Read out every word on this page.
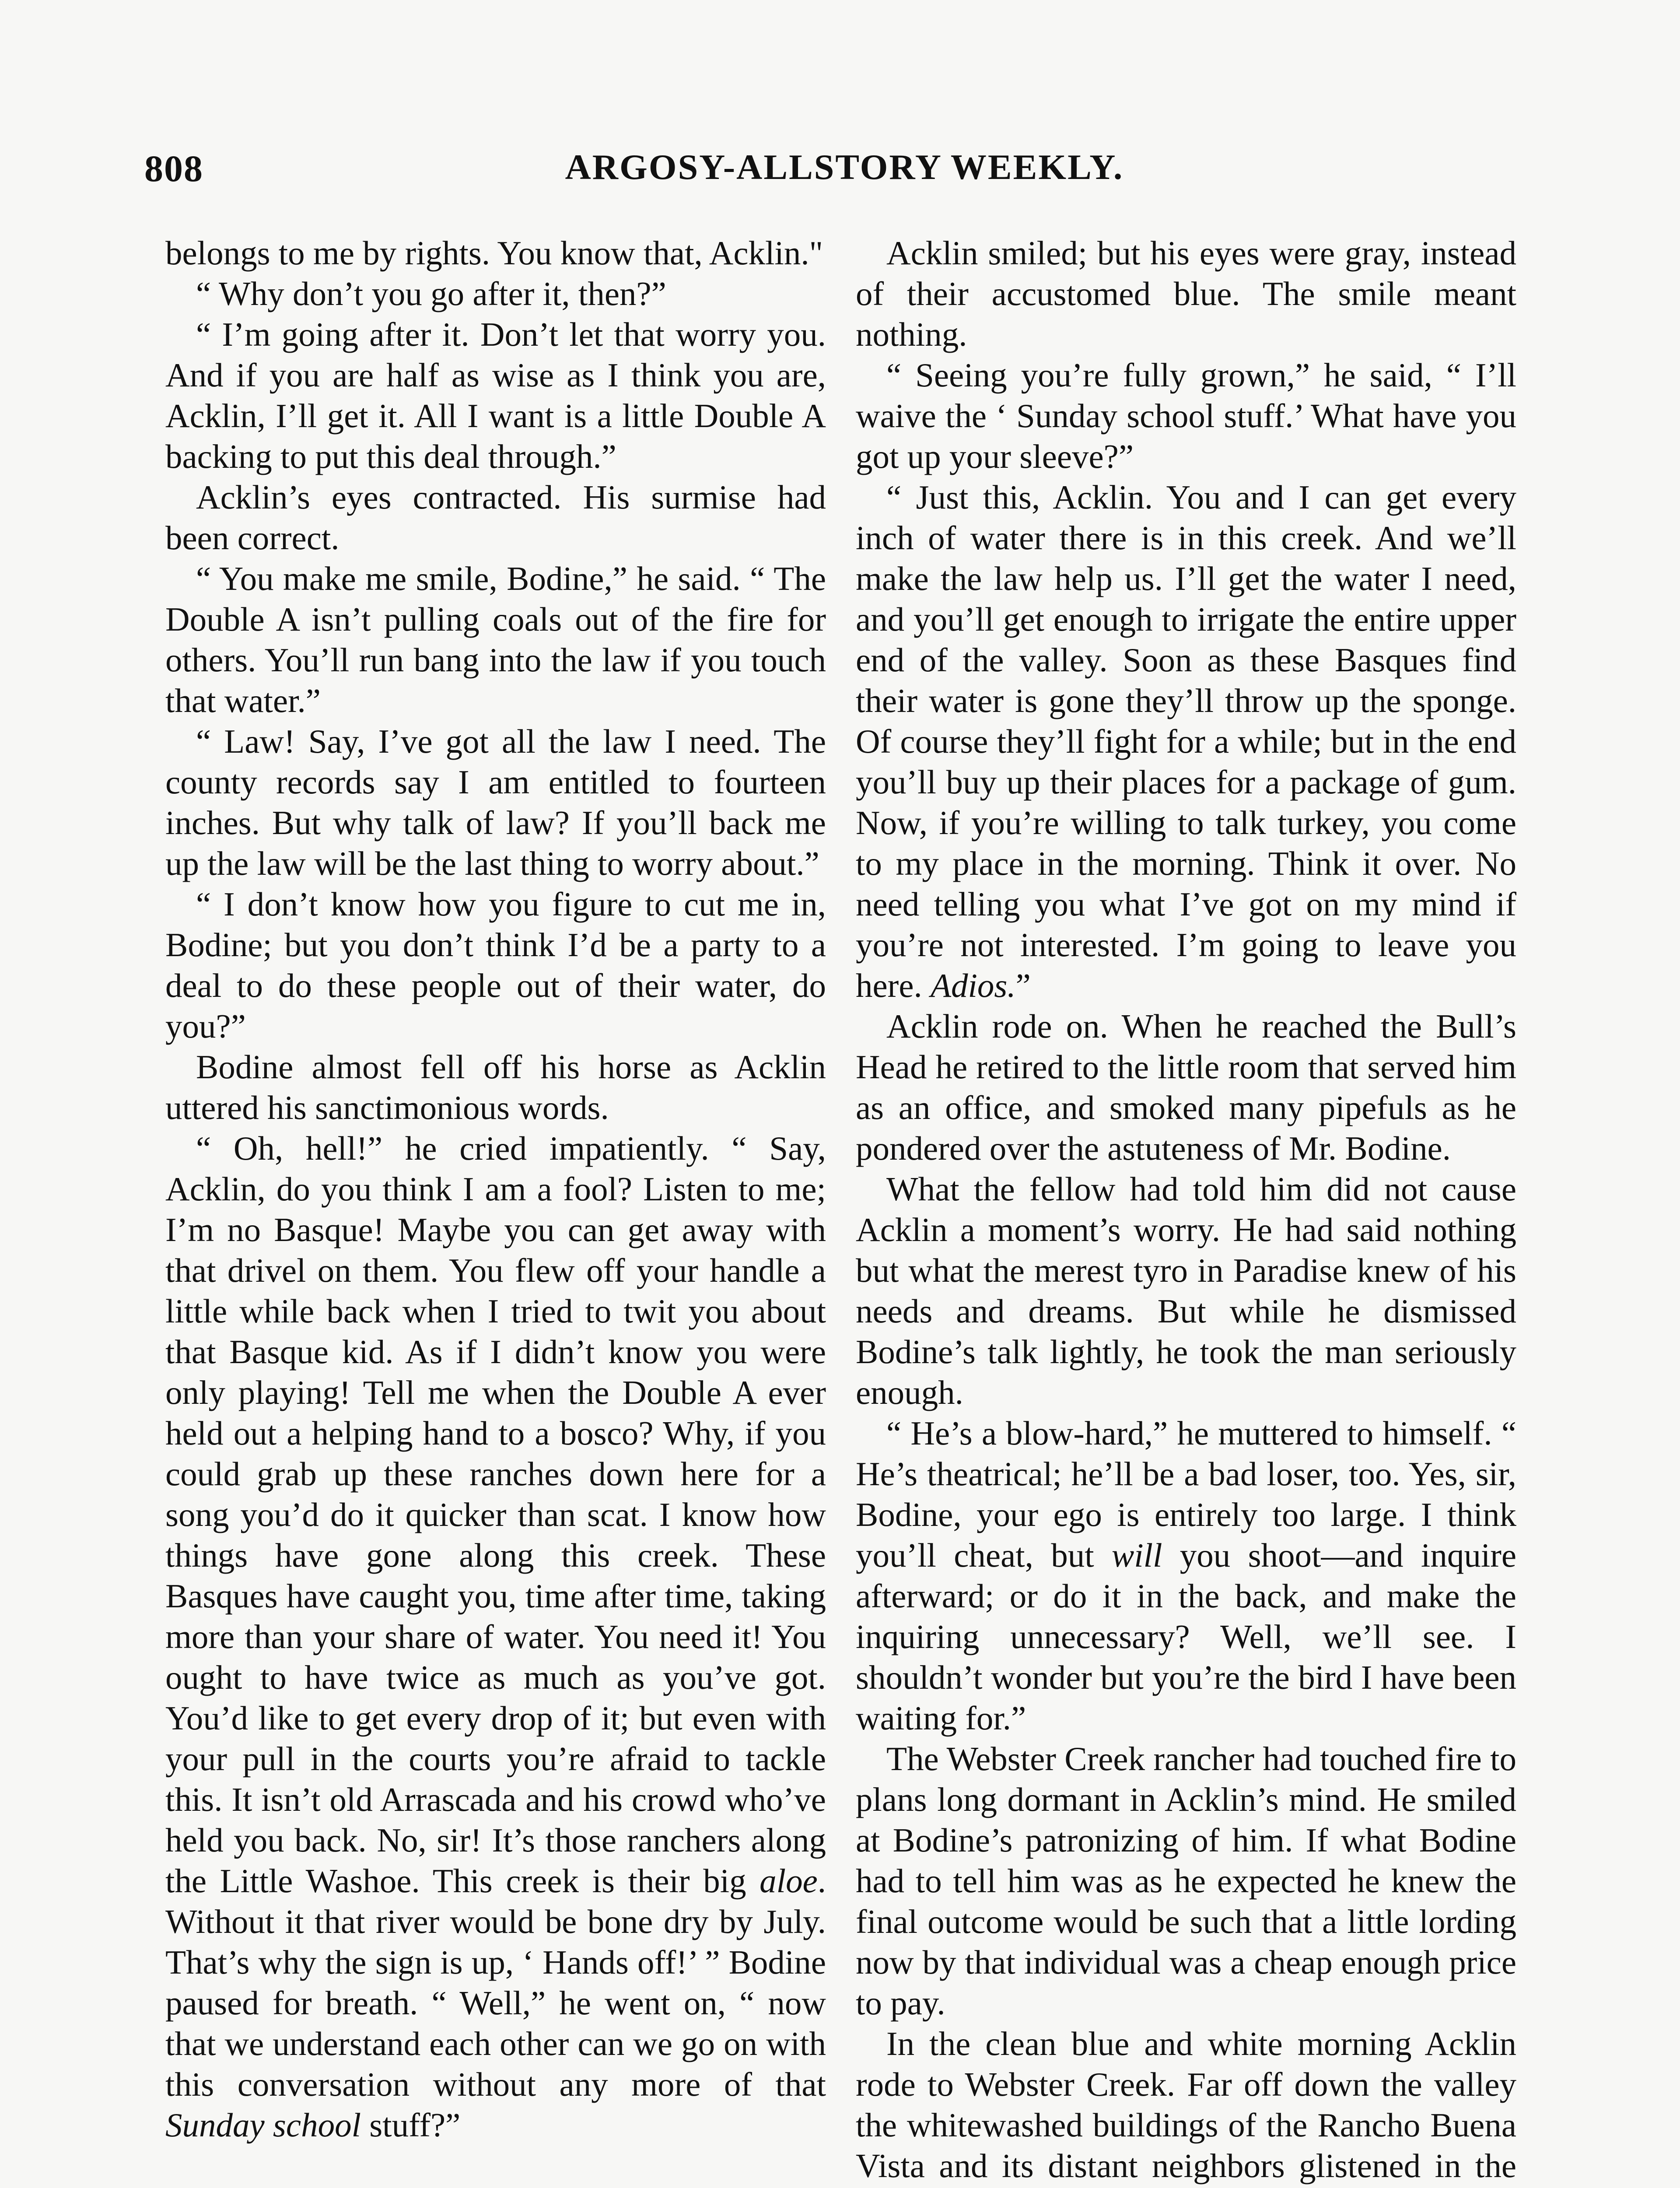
808	ARGOSY-ALLSTORY WEEKLY.

belongs to me by rights. You know that, Acklin."

“ Why don’t you go after it, then?”

“ I’m going after it. Don’t let that worry you. And if you are half as wise as I think you are, Acklin, I’ll get it. All I want is a little Double A backing to put this deal through.”

Acklin’s eyes contracted. His surmise had been correct.

“ You make me smile, Bodine,” he said. “ The Double A isn’t pulling coals out of the fire for others. You’ll run bang into the law if you touch that water.”

“ Law! Say, I’ve got all the law I need. The county records say I am entitled to fourteen inches. But why talk of law? If you’ll back me up the law will be the last thing to worry about.”

“ I don’t know how you figure to cut me in, Bodine; but you don’t think I’d be a party to a deal to do these people out of their water, do you?”

Bodine almost fell off his horse as Acklin uttered his sanctimonious words.

“ Oh, hell!” he cried impatiently. “ Say, Acklin, do you think I am a fool? Listen to me; I’m no Basque! Maybe you can get away with that drivel on them. You flew off your handle a little while back when I tried to twit you about that Basque kid. As if I didn’t know you were only playing! Tell me when the Double A ever held out a helping hand to a bosco? Why, if you could grab up these ranches down here for a song you’d do it quicker than scat. I know how things have gone along this creek. These Basques have caught you, time after time, taking more than your share of water. You need it! You ought to have twice as much as you’ve got. You’d like to get every drop of it; but even with your pull in the courts you’re afraid to tackle this. It isn’t old Arrascada and his crowd who’ve held you back. No, sir! It’s those ranchers along the Little Washoe. This creek is their big aloe. Without it that river would be bone dry by July. That’s why the sign is up, ‘ Hands off!’ ” Bodine paused for breath. “ Well,” he went on, “ now that we understand each other can we go on with this conversation without any more of that Sunday school stuff?”

Acklin smiled; but his eyes were gray, instead of their accustomed blue. The smile meant nothing.

“ Seeing you’re fully grown,” he said, “ I’ll waive the ‘ Sunday school stuff.’ What have you got up your sleeve?”

“ Just this, Acklin. You and I can get every inch of water there is in this creek. And we’ll make the law help us. I’ll get the water I need, and you’ll get enough to irrigate the entire upper end of the valley. Soon as these Basques find their water is gone they’ll throw up the sponge. Of course they’ll fight for a while; but in the end you’ll buy up their places for a package of gum. Now, if you’re willing to talk turkey, you come to my place in the morning. Think it over. No need telling you what I’ve got on my mind if you’re not interested. I’m going to leave you here. Adios.”

Acklin rode on. When he reached the Bull’s Head he retired to the little room that served him as an office, and smoked many pipefuls as he pondered over the astuteness of Mr. Bodine.

What the fellow had told him did not cause Acklin a moment’s worry. He had said nothing but what the merest tyro in Paradise knew of his needs and dreams. But while he dismissed Bodine’s talk lightly, he took the man seriously enough.

“ He’s a blow-hard,” he muttered to himself. “ He’s theatrical; he’ll be a bad loser, too. Yes, sir, Bodine, your ego is entirely too large. I think you’ll cheat, but will you shoot—and inquire afterward; or do it in the back, and make the inquiring unnecessary? Well, we’ll see. I shouldn’t wonder but you’re the bird I have been waiting for.”

The Webster Creek rancher had touched fire to plans long dormant in Acklin’s mind. He smiled at Bodine’s patronizing of him. If what Bodine had to tell him was as he expected he knew the final outcome would be such that a little lording now by that individual was a cheap enough price to pay.

In the clean blue and white morning Acklin rode to Webster Creek. Far off down the valley the whitewashed buildings of the Rancho Buena Vista and its distant neighbors glistened in the
